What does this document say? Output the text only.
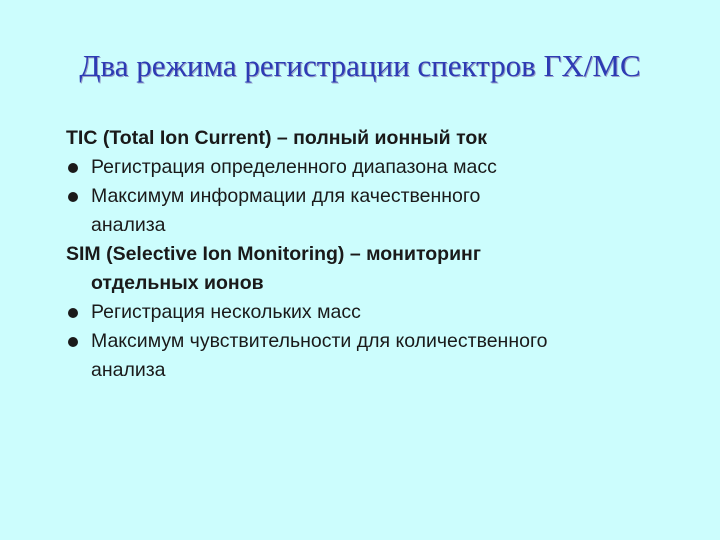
Два режима регистрации спектров ГХ/МС
TIC (Total Ion Current) – полный ионный ток
Регистрация определенного диапазона масс
Максимум информации для качественного
анализа
SIM (Selective Ion Monitoring) – мониторинг
отдельных ионов
Регистрация нескольких масс
Максимум чувствительности для количественного
анализа
